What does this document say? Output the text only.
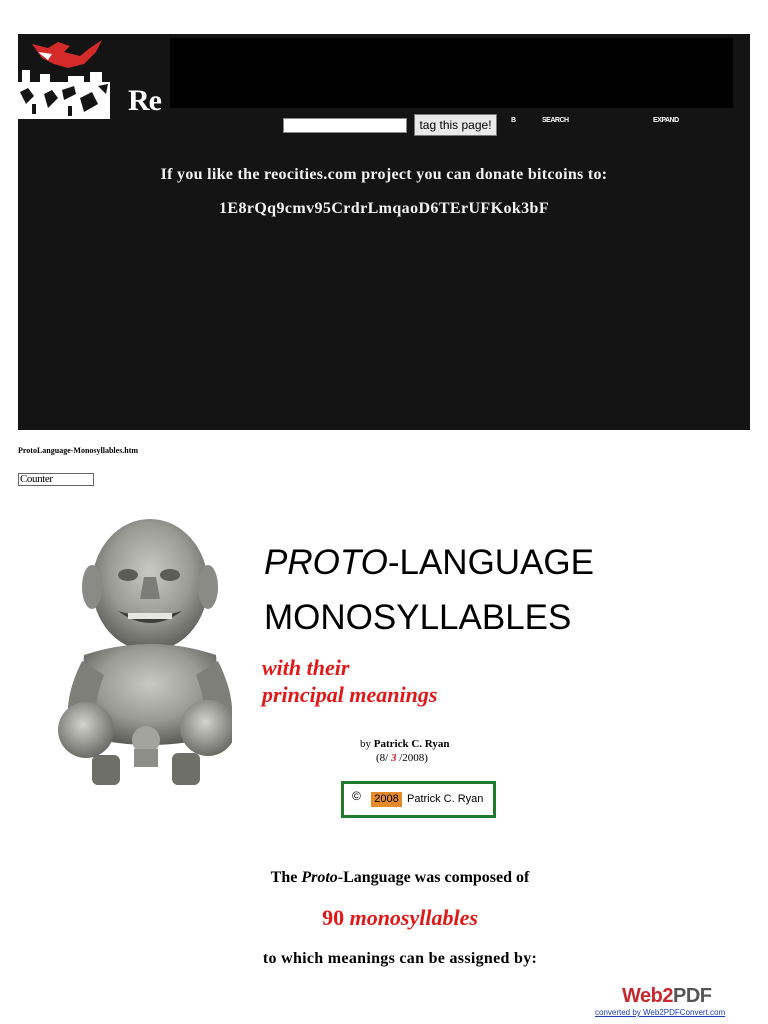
Re
tag this page!	B	SEARCH	EXPAND
If you like the reocities.com project you can donate bitcoins to:
1E8rQq9cmv95CrdrLmqaoD6TErUFKok3bF
ProtoLanguage-Monosyllables.htm
Counter
PROTO-LANGUAGE
MONOSYLLABLES
with their
principal meanings
by Patrick C. Ryan
(8/ 3 /2008)
©	2008 Patrick C. Ryan
The Proto-Language was composed of
90 monosyllables
to which meanings can be assigned by:
Web2PDF
converted by Web2PDFConvert.com
